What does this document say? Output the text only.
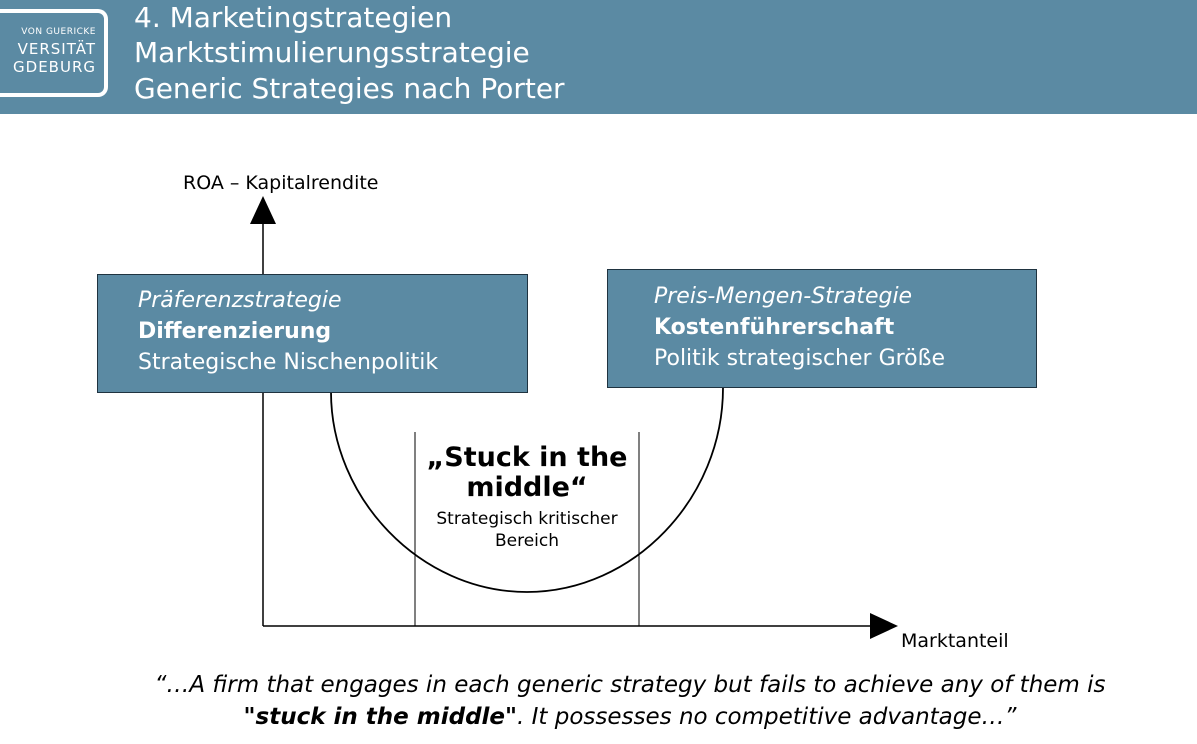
VON GUERICKE
VERSITÄT
GDEBURG
4. Marketingstrategien
Marktstimulierungsstrategie
Generic Strategies nach Porter
ROA – Kapitalrendite
Marktanteil
Präferenzstrategie
Differenzierung
Strategische Nischenpolitik
Preis-Mengen-Strategie
Kostenführerschaft
Politik strategischer Größe
„Stuck in the
middle“
Strategisch kritischer
Bereich
“…A firm that engages in each generic strategy but fails to achieve any of them is
"stuck in the middle". It possesses no competitive advantage…”
